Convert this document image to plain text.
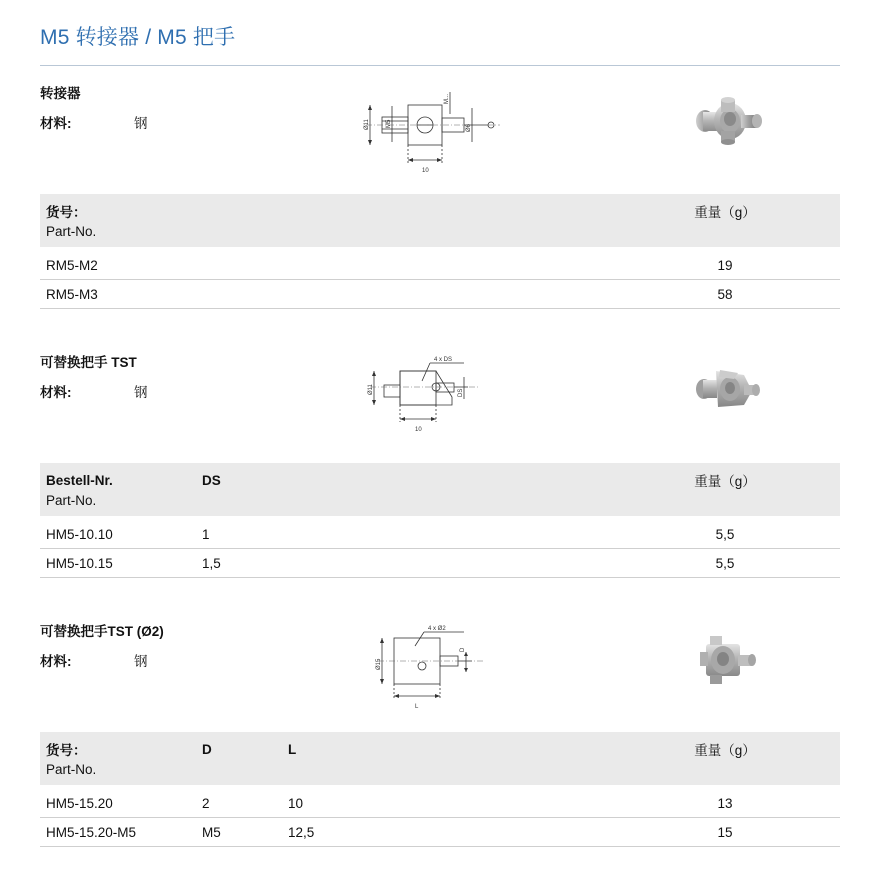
M5 转接器 / M5 把手
转接器
材料:	钢	Ø11	M5
M...
Ø6
10
货号：		重量（g）
Part-No.		
RM5-M2		19
RM5-M3		58
可替换把手 TST
材料:	钢
4 x DS
Ø11	DS
10
Bestell-Nr.	DS		重量（g）
Part-No.			
HM5-10.10	1		5,5
HM5-10.15	1,5		5,5
可替换把手TST (Ø2)
材料:	钢
4 x Ø2
Ø15
D
L
货号：	D	L		重量（g）
Part-No.				
HM5-15.20	2	10		13
HM5-15.20-M5	M5	12,5		15
